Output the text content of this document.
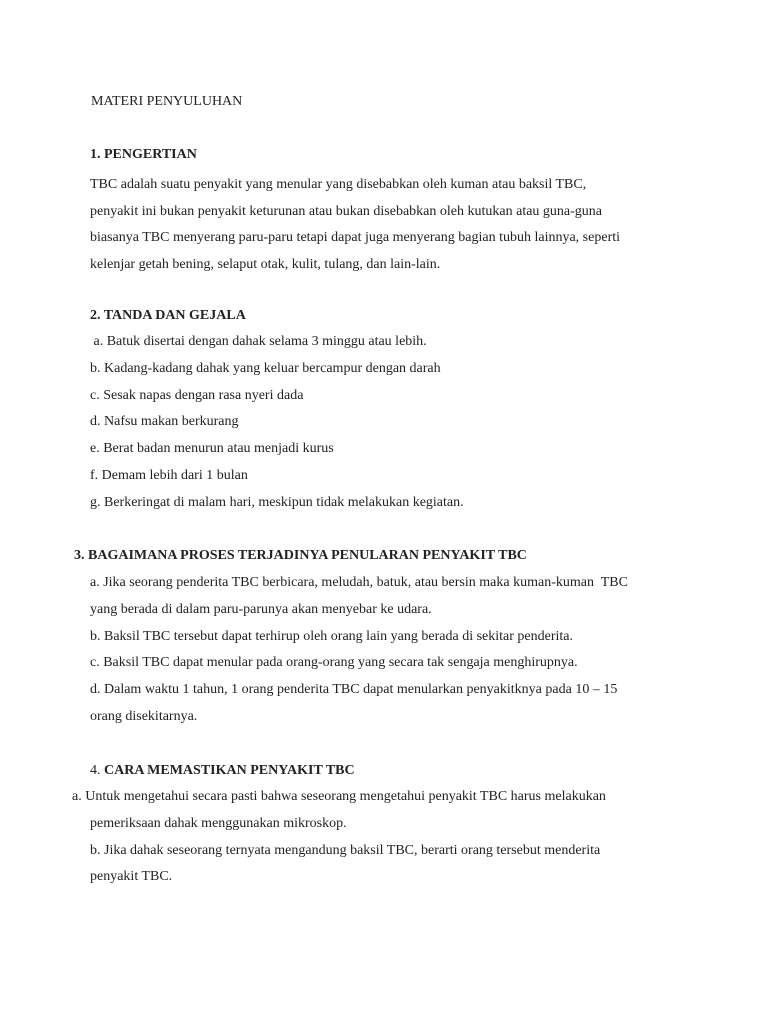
MATERI PENYULUHAN
1. PENGERTIAN
TBC adalah suatu penyakit yang menular yang disebabkan oleh kuman atau baksil TBC,
penyakit ini bukan penyakit keturunan atau bukan disebabkan oleh kutukan atau guna-guna
biasanya TBC menyerang paru-paru tetapi dapat juga menyerang bagian tubuh lainnya, seperti
kelenjar getah bening, selaput otak, kulit, tulang, dan lain-lain.
2. TANDA DAN GEJALA
a. Batuk disertai dengan dahak selama 3 minggu atau lebih.
b. Kadang-kadang dahak yang keluar bercampur dengan darah
c. Sesak napas dengan rasa nyeri dada
d. Nafsu makan berkurang
e. Berat badan menurun atau menjadi kurus
f. Demam lebih dari 1 bulan
g. Berkeringat di malam hari, meskipun tidak melakukan kegiatan.
3. BAGAIMANA PROSES TERJADINYA PENULARAN PENYAKIT TBC
a. Jika seorang penderita TBC berbicara, meludah, batuk, atau bersin maka kuman-kuman  TBC
yang berada di dalam paru-parunya akan menyebar ke udara.
b. Baksil TBC tersebut dapat terhirup oleh orang lain yang berada di sekitar penderita.
c. Baksil TBC dapat menular pada orang-orang yang secara tak sengaja menghirupnya.
d. Dalam waktu 1 tahun, 1 orang penderita TBC dapat menularkan penyakitknya pada 10 – 15
orang disekitarnya.
4. CARA MEMASTIKAN PENYAKIT TBC
a. Untuk mengetahui secara pasti bahwa seseorang mengetahui penyakit TBC harus melakukan
pemeriksaan dahak menggunakan mikroskop.
b. Jika dahak seseorang ternyata mengandung baksil TBC, berarti orang tersebut menderita
penyakit TBC.
